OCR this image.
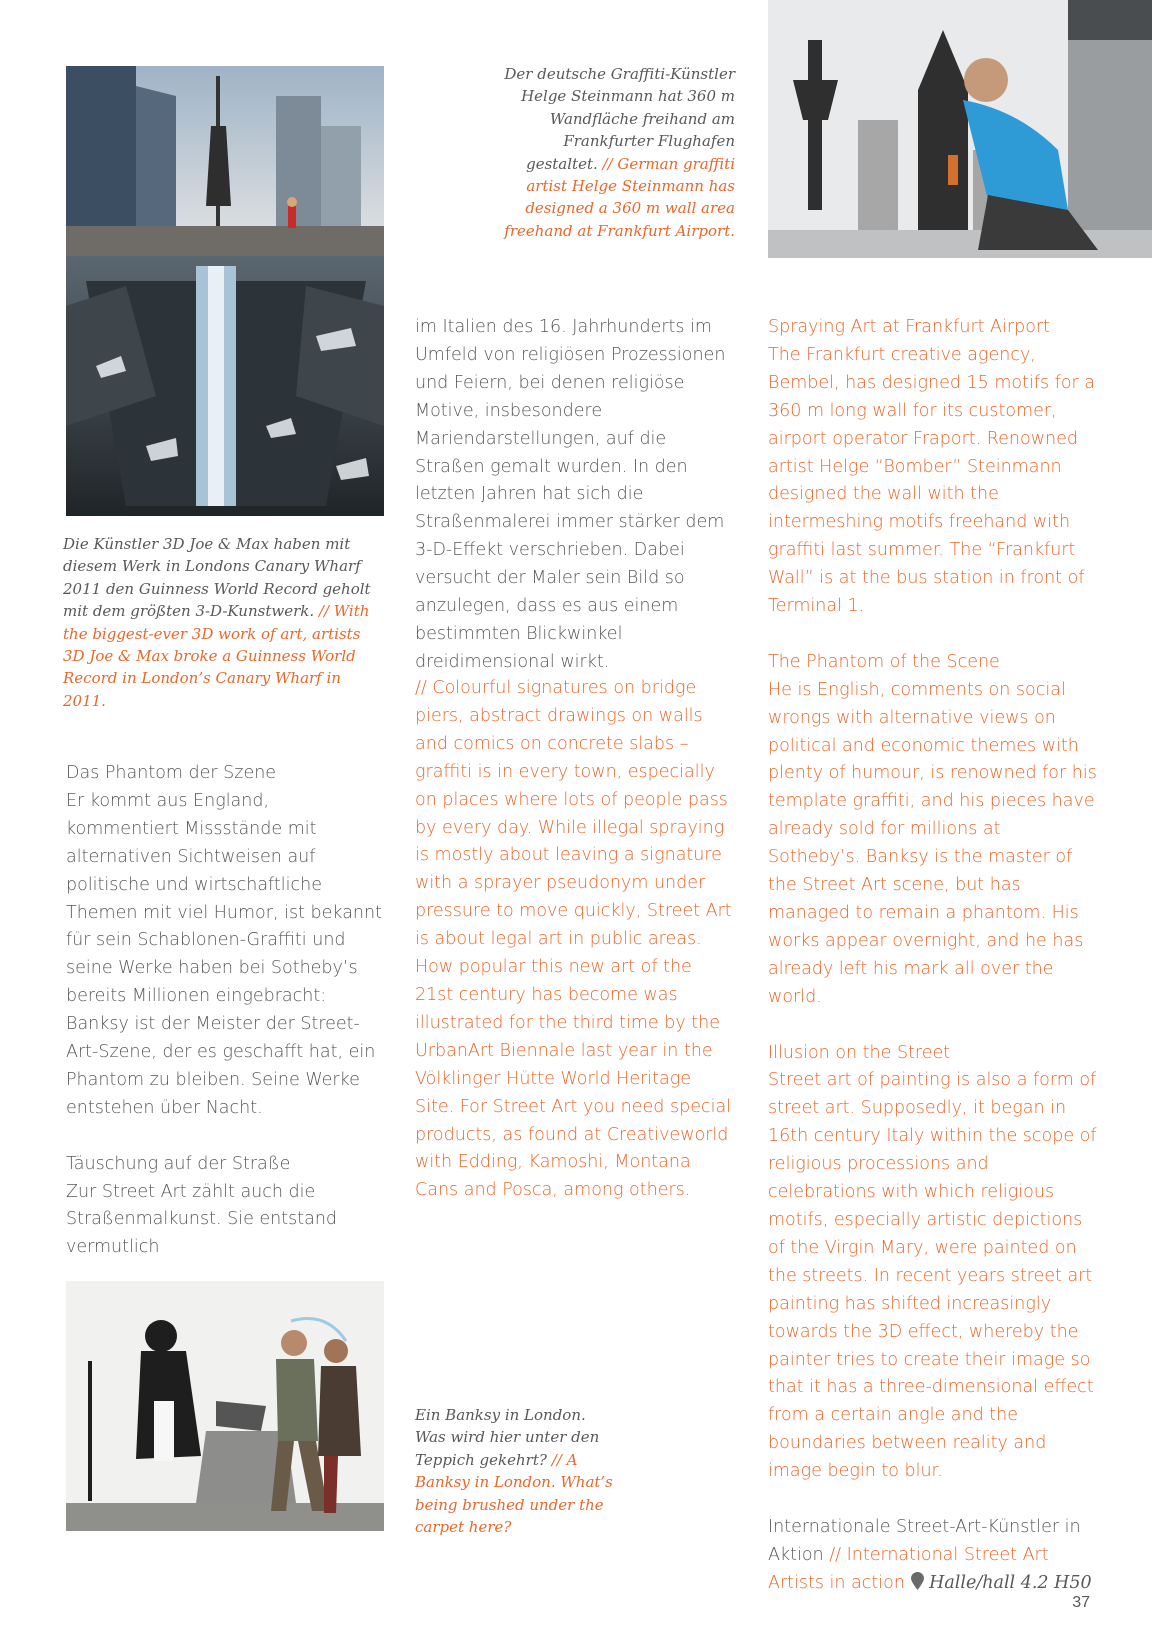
Der deutsche Graffiti-Künstler Helge Steinmann hat 360 m Wandfläche freihand am Frankfurter Flughafen gestaltet. // German graffiti artist Helge Steinmann has designed a 360 m wall area freehand at Frankfurt Airport.
Die Künstler 3D Joe & Max haben mit diesem Werk in Londons Canary Wharf 2011 den Guinness World Record geholt mit dem größten 3-D-Kunstwerk. // With the biggest-ever 3D work of art, artists 3D Joe & Max broke a Guinness World Record in London’s Canary Wharf in 2011.
Ein Banksy in London. Was wird hier unter den Teppich gekehrt? // A Banksy in London. What’s being brushed under the carpet here?

Das Phantom der Szene
Er kommt aus England, kommentiert Missstände mit alternativen Sichtweisen auf politische und wirtschaftliche Themen mit viel Humor, ist bekannt für sein Schablonen-Graffiti und seine Werke haben bei Sotheby’s bereits Millionen eingebracht: Banksy ist der Meister der Street-Art-Szene, der es geschafft hat, ein Phantom zu bleiben. Seine Werke entstehen über Nacht.

Täuschung auf der Straße
Zur Street Art zählt auch die Straßenmalkunst. Sie entstand vermutlich

im Italien des 16. Jahrhunderts im Umfeld von religiösen Prozessionen und Feiern, bei denen religiöse Motive, insbesondere Mariendarstellungen, auf die Straßen gemalt wurden. In den letzten Jahren hat sich die Straßenmalerei immer stärker dem 3-D-Effekt verschrieben. Dabei versucht der Maler sein Bild so anzulegen, dass es aus einem bestimmten Blickwinkel dreidimensional wirkt.

// Colourful signatures on bridge piers, abstract drawings on walls and comics on concrete slabs – graffiti is in every town, especially on places where lots of people pass by every day. While illegal spraying is mostly about leaving a signature with a sprayer pseudonym under pressure to move quickly, Street Art is about legal art in public areas. How popular this new art of the 21st century has become was illustrated for the third time by the UrbanArt Biennale last year in the Völklinger Hütte World Heritage Site. For Street Art you need special products, as found at Creativeworld with Edding, Kamoshi, Montana Cans and Posca, among others.

Spraying Art at Frankfurt Airport
The Frankfurt creative agency, Bembel, has designed 15 motifs for a 360 m long wall for its customer, airport operator Fraport. Renowned artist Helge “Bomber” Steinmann designed the wall with the intermeshing motifs freehand with graffiti last summer. The “Frankfurt Wall” is at the bus station in front of Terminal 1.

The Phantom of the Scene
He is English, comments on social wrongs with alternative views on political and economic themes with plenty of humour, is renowned for his template graffiti, and his pieces have already sold for millions at Sotheby’s. Banksy is the master of the Street Art scene, but has managed to remain a phantom. His works appear overnight, and he has already left his mark all over the world.

Illusion on the Street
Street art of painting is also a form of street art. Supposedly, it began in 16th century Italy within the scope of religious processions and celebrations with which religious motifs, especially artistic depictions of the Virgin Mary, were painted on the streets. In recent years street art painting has shifted increasingly towards the 3D effect, whereby the painter tries to create their image so that it has a three-dimensional effect from a certain angle and the boundaries between reality and image begin to blur.

Internationale Street-Art-Künstler in Aktion // International Street Art Artists in action Halle/hall 4.2 H50

37
